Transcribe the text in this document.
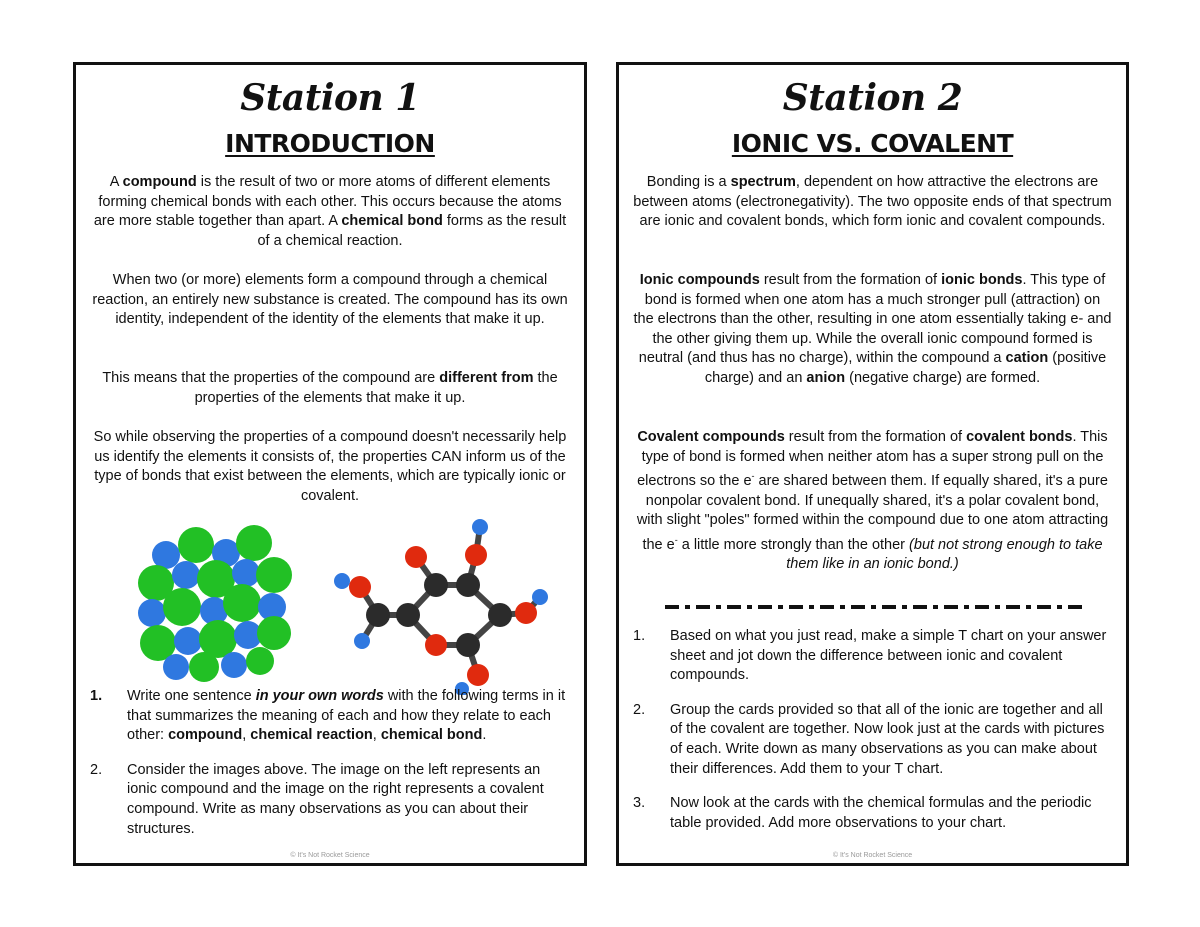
Station 1
INTRODUCTION

A compound is the result of two or more atoms of different elements forming chemical bonds with each other. This occurs because the atoms are more stable together than apart. A chemical bond forms as the result of a chemical reaction.

When two (or more) elements form a compound through a chemical reaction, an entirely new substance is created. The compound has its own identity, independent of the identity of the elements that make it up.

This means that the properties of the compound are different from the properties of the elements that make it up.

So while observing the properties of a compound doesn't necessarily help us identify the elements it consists of, the properties CAN inform us of the type of bonds that exist between the elements, which are typically ionic or covalent.

1. Write one sentence in your own words with the following terms in it that summarizes the meaning of each and how they relate to each other: compound, chemical reaction, chemical bond.
2. Consider the images above. The image on the left represents an ionic compound and the image on the right represents a covalent compound. Write as many observations as you can about their structures.
© It's Not Rocket Science
Station 2
IONIC VS. COVALENT

Bonding is a spectrum, dependent on how attractive the electrons are between atoms (electronegativity). The two opposite ends of that spectrum are ionic and covalent bonds, which form ionic and covalent compounds.

Ionic compounds result from the formation of ionic bonds. This type of bond is formed when one atom has a much stronger pull (attraction) on the electrons than the other, resulting in one atom essentially taking e- and the other giving them up. While the overall ionic compound formed is neutral (and thus has no charge), within the compound a cation (positive charge) and an anion (negative charge) are formed.

Covalent compounds result from the formation of covalent bonds. This type of bond is formed when neither atom has a super strong pull on the electrons so the e- are shared between them. If equally shared, it's a pure nonpolar covalent bond. If unequally shared, it's a polar covalent bond, with slight "poles" formed within the compound due to one atom attracting the e- a little more strongly than the other (but not strong enough to take them like in an ionic bond.)

1. Based on what you just read, make a simple T chart on your answer sheet and jot down the difference between ionic and covalent compounds.
2. Group the cards provided so that all of the ionic are together and all of the covalent are together. Now look just at the cards with pictures of each. Write down as many observations as you can make about their differences. Add them to your T chart.
3. Now look at the cards with the chemical formulas and the periodic table provided. Add more observations to your chart.
© It's Not Rocket Science
